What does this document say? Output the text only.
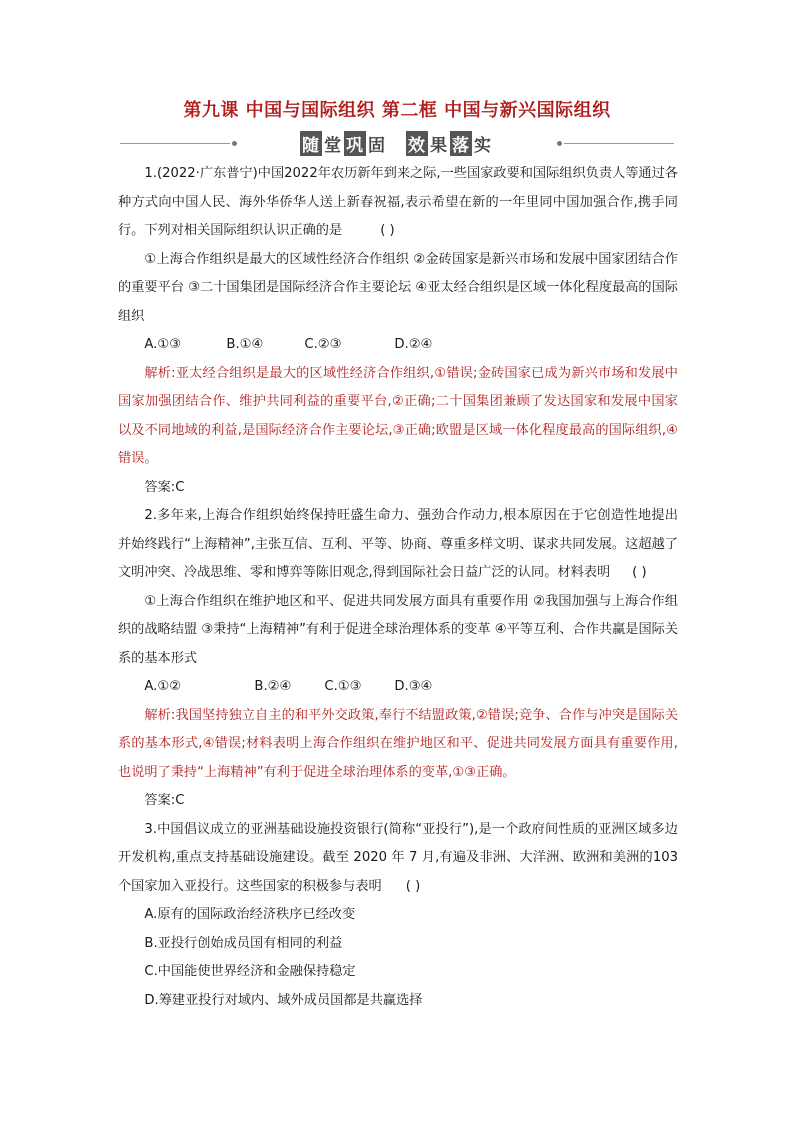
第九课 中国与国际组织 第二框 中国与新兴国际组织
随 堂 巩 固 效 果 落 实

1.(2022·广东普宁)中国2022年农历新年到来之际,一些国家政要和国际组织负责人等通过各种方式向中国人民、海外华侨华人送上新春祝福,表示希望在新的一年里同中国加强合作,携手同行。下列对相关国际组织认识正确的是	( )

①上海合作组织是最大的区域性经济合作组织 ②金砖国家是新兴市场和发展中国家团结合作的重要平台 ③二十国集团是国际经济合作主要论坛 ④亚太经合组织是区域一体化程度最高的国际组织

A.①③	B.①④	C.②③	D.②④

解析:亚太经合组织是最大的区域性经济合作组织,①错误;金砖国家已成为新兴市场和发展中国家加强团结合作、维护共同利益的重要平台,②正确;二十国集团兼顾了发达国家和发展中国家以及不同地域的利益,是国际经济合作主要论坛,③正确;欧盟是区域一体化程度最高的国际组织,④错误。

答案:C

2.多年来,上海合作组织始终保持旺盛生命力、强劲合作动力,根本原因在于它创造性地提出并始终践行“上海精神”,主张互信、互利、平等、协商、尊重多样文明、谋求共同发展。这超越了文明冲突、冷战思维、零和博弈等陈旧观念,得到国际社会日益广泛的认同。材料表明 ( )

①上海合作组织在维护地区和平、促进共同发展方面具有重要作用 ②我国加强与上海合作组织的战略结盟 ③秉持“上海精神”有利于促进全球治理体系的变革 ④平等互利、合作共赢是国际关系的基本形式

A.①②	B.②④	C.①③	D.③④

解析:我国坚持独立自主的和平外交政策,奉行不结盟政策,②错误;竞争、合作与冲突是国际关系的基本形式,④错误;材料表明上海合作组织在维护地区和平、促进共同发展方面具有重要作用,也说明了秉持“上海精神”有利于促进全球治理体系的变革,①③正确。

答案:C

3.中国倡议成立的亚洲基础设施投资银行(简称“亚投行”),是一个政府间性质的亚洲区域多边开发机构,重点支持基础设施建设。截至 2020 年 7 月,有遍及非洲、大洋洲、欧洲和美洲的103个国家加入亚投行。这些国家的积极参与表明 ( )

A.原有的国际政治经济秩序已经改变

B.亚投行创始成员国有相同的利益

C.中国能使世界经济和金融保持稳定

D.筹建亚投行对域内、域外成员国都是共赢选择
